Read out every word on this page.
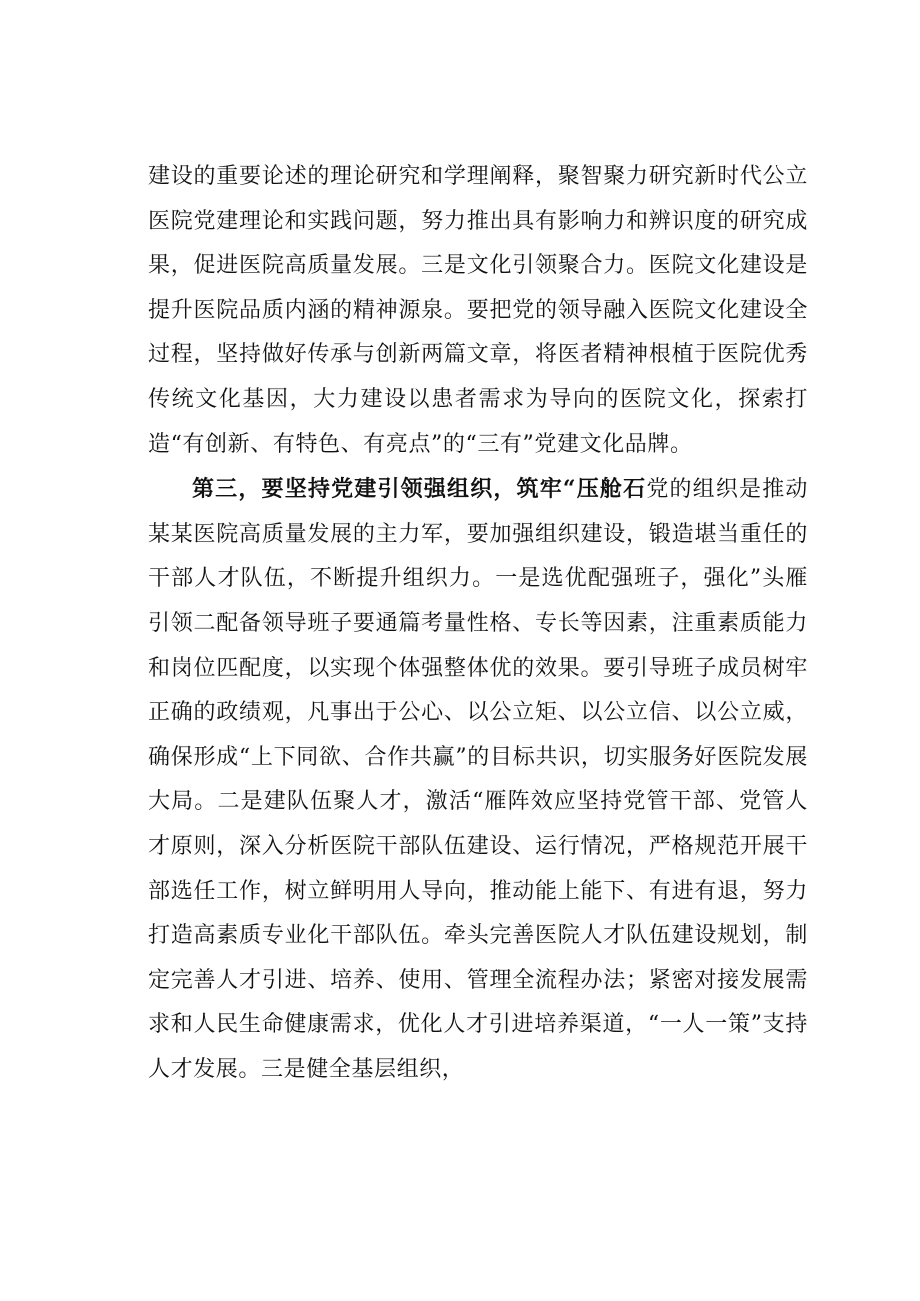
建设的重要论述的理论研究和学理阐释，聚智聚力研究新时代公立医院党建理论和实践问题，努力推出具有影响力和辨识度的研究成果，促进医院高质量发展。三是文化引领聚合力。医院文化建设是提升医院品质内涵的精神源泉。要把党的领导融入医院文化建设全过程，坚持做好传承与创新两篇文章，将医者精神根植于医院优秀传统文化基因，大力建设以患者需求为导向的医院文化，探索打造“有创新、有特色、有亮点”的“三有”党建文化品牌。

第三，要坚持党建引领强组织，筑牢“压舱石党的组织是推动某某医院高质量发展的主力军，要加强组织建设，锻造堪当重任的干部人才队伍，不断提升组织力。一是选优配强班子，强化”头雁引领二配备领导班子要通篇考量性格、专长等因素，注重素质能力和岗位匹配度，以实现个体强整体优的效果。要引导班子成员树牢正确的政绩观，凡事出于公心、以公立矩、以公立信、以公立威，确保形成“上下同欲、合作共赢”的目标共识，切实服务好医院发展大局。二是建队伍聚人才，激活“雁阵效应坚持党管干部、党管人才原则，深入分析医院干部队伍建设、运行情况，严格规范开展干部选任工作，树立鲜明用人导向，推动能上能下、有进有退，努力打造高素质专业化干部队伍。牵头完善医院人才队伍建设规划，制定完善人才引进、培养、使用、管理全流程办法；紧密对接发展需求和人民生命健康需求，优化人才引进培养渠道，“一人一策”支持人才发展。三是健全基层组织，
